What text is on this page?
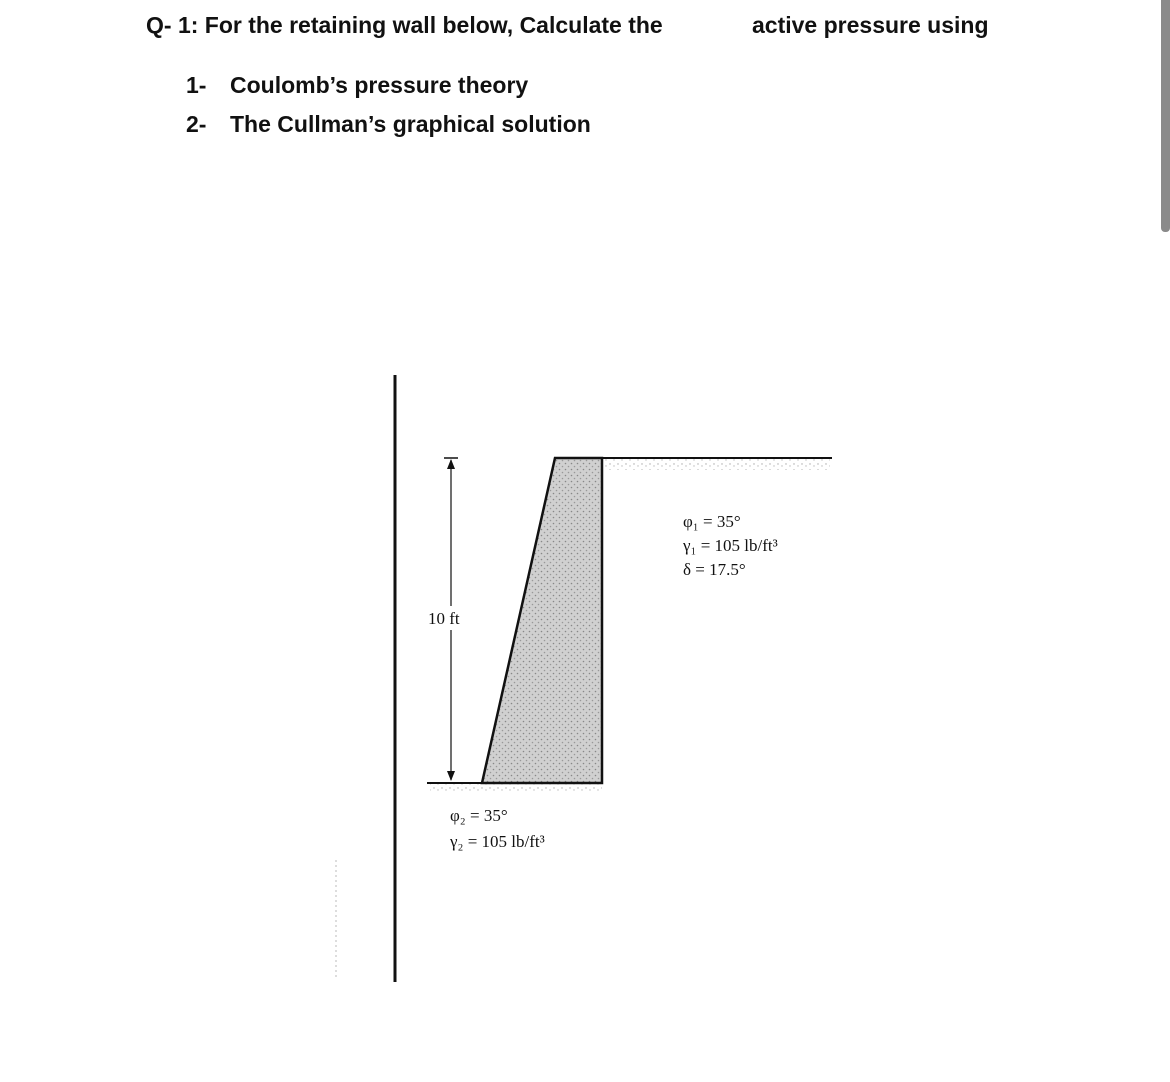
Q- 1: For the retaining wall below, Calculate the	active pressure using
1- Coulomb’s pressure theory
2- The Cullman’s graphical solution
10 ft
φ₁ = 35°
γ₁ = 105 lb/ft³
δ = 17.5°
φ₂ = 35°
γ₂ = 105 lb/ft³
